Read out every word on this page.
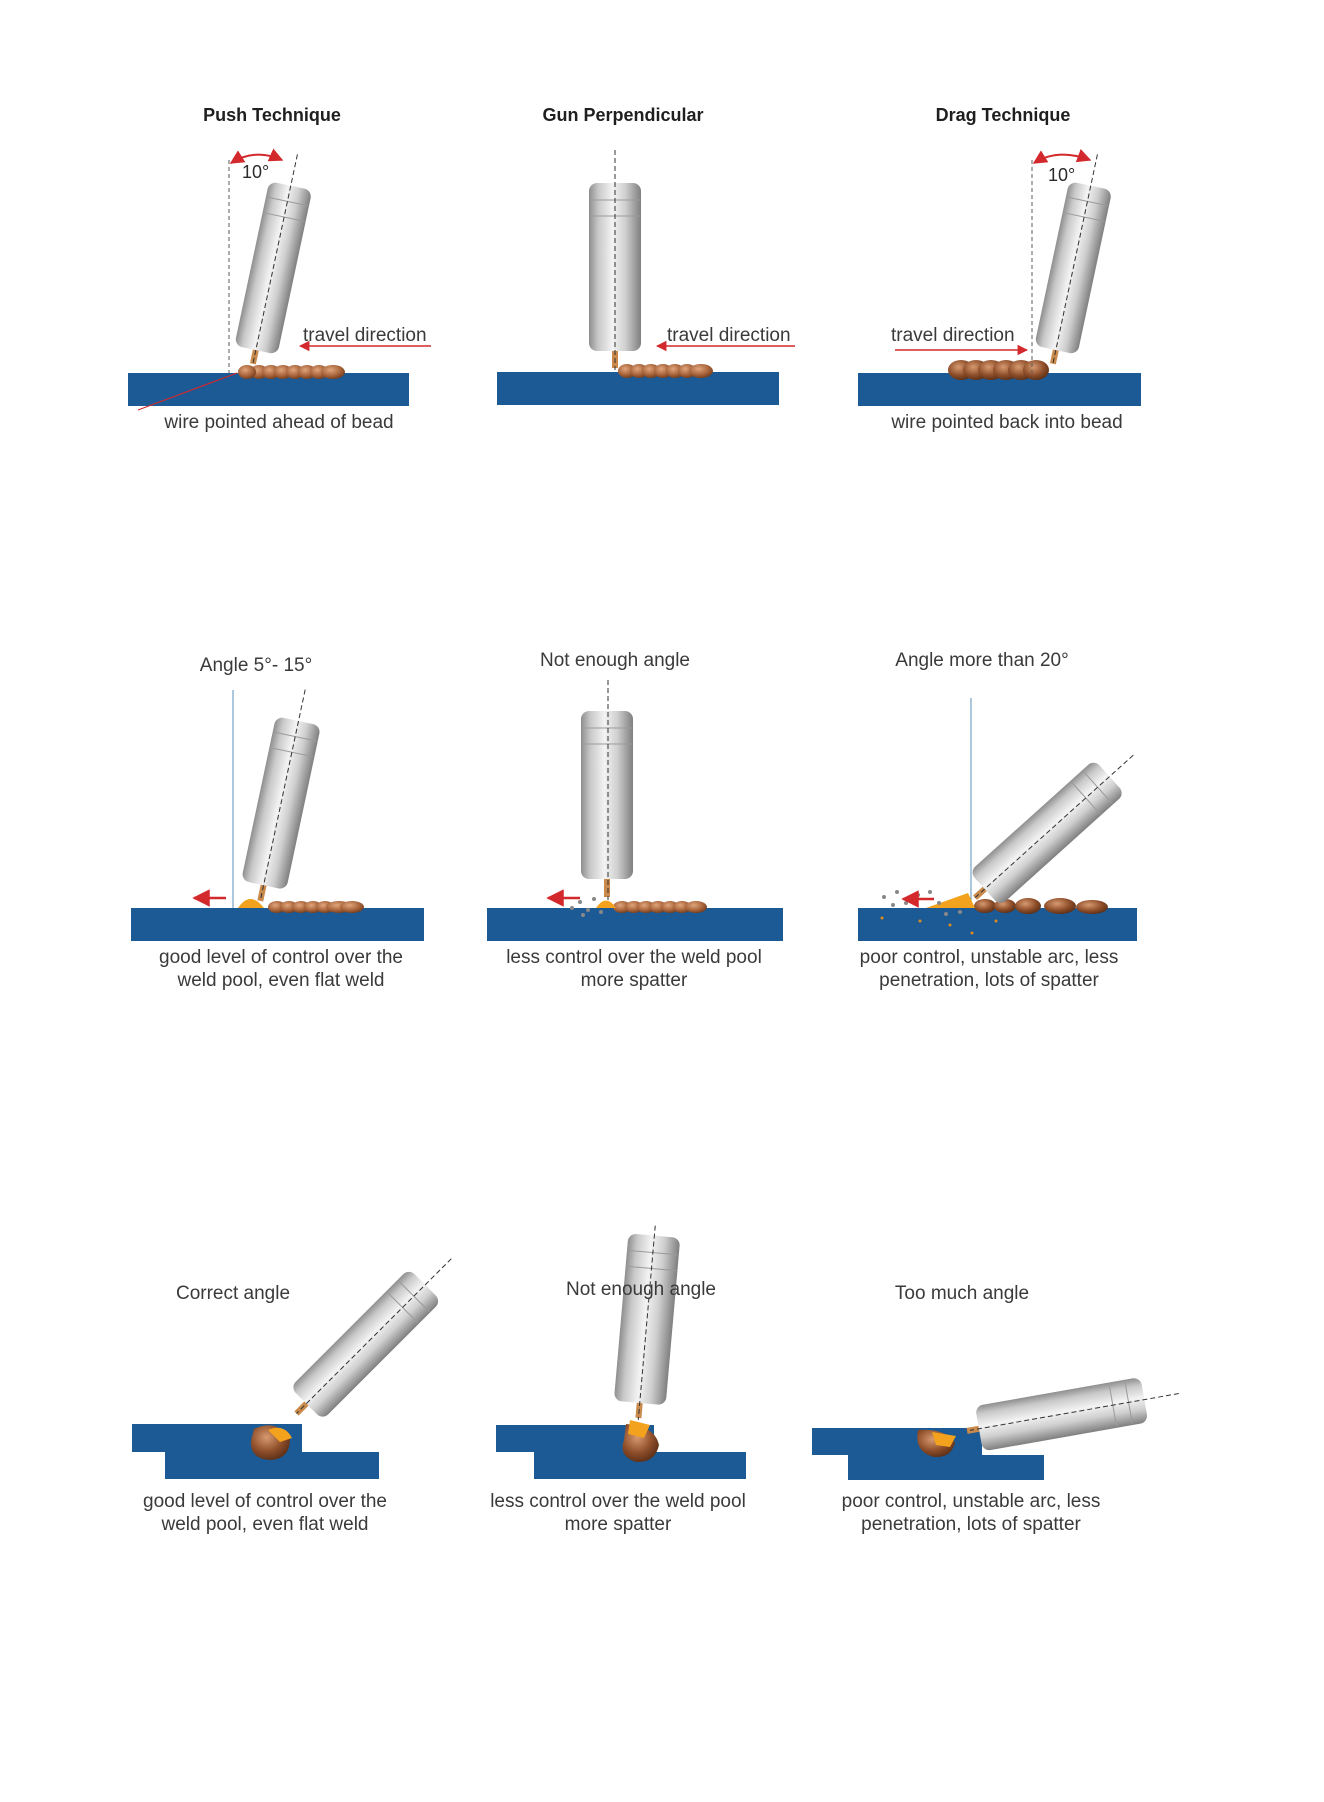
Push Technique	Gun Perpendicular	Drag Technique
10°
travel direction
wire pointed ahead of bead
travel direction
10°
travel direction
wire pointed back into bead
Angle 5°- 15°
good level of control over the
weld pool, even flat weld
Not enough angle
less control over the weld pool
more spatter
Angle more than 20°
poor control, unstable arc, less
penetration, lots of spatter
Correct angle
good level of control over the
weld pool, even flat weld
Not enough angle
less control over the weld pool
more spatter
Too much angle
poor control, unstable arc, less
penetration, lots of spatter
